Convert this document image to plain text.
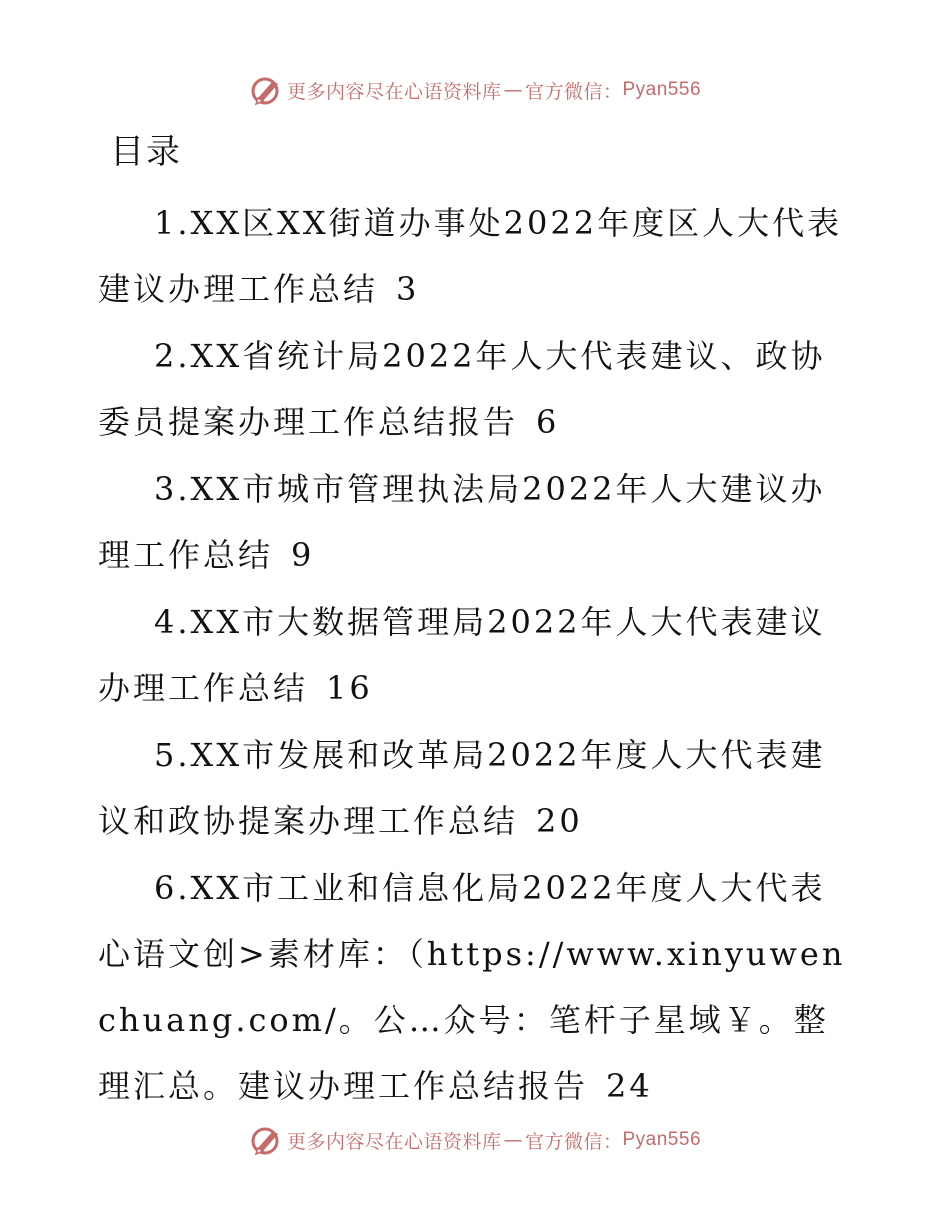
更多内容尽在心语资料库 — 官方微信： Pyan556
目录
1.XX区XX街道办事处2022年度区人大代表建议办理工作总结 3
2.XX省统计局2022年人大代表建议、政协委员提案办理工作总结报告 6
3.XX市城市管理执法局2022年人大建议办理工作总结 9
4.XX市大数据管理局2022年人大代表建议办理工作总结 16
5.XX市发展和改革局2022年度人大代表建议和政协提案办理工作总结 20
6.XX市工业和信息化局2022年度人大代表心语文创>素材库：（https://www.xinyuwenchuang.com/。公…众号：笔杆子星域￥。整理汇总。建议办理工作总结报告 24
更多内容尽在心语资料库 — 官方微信： Pyan556
